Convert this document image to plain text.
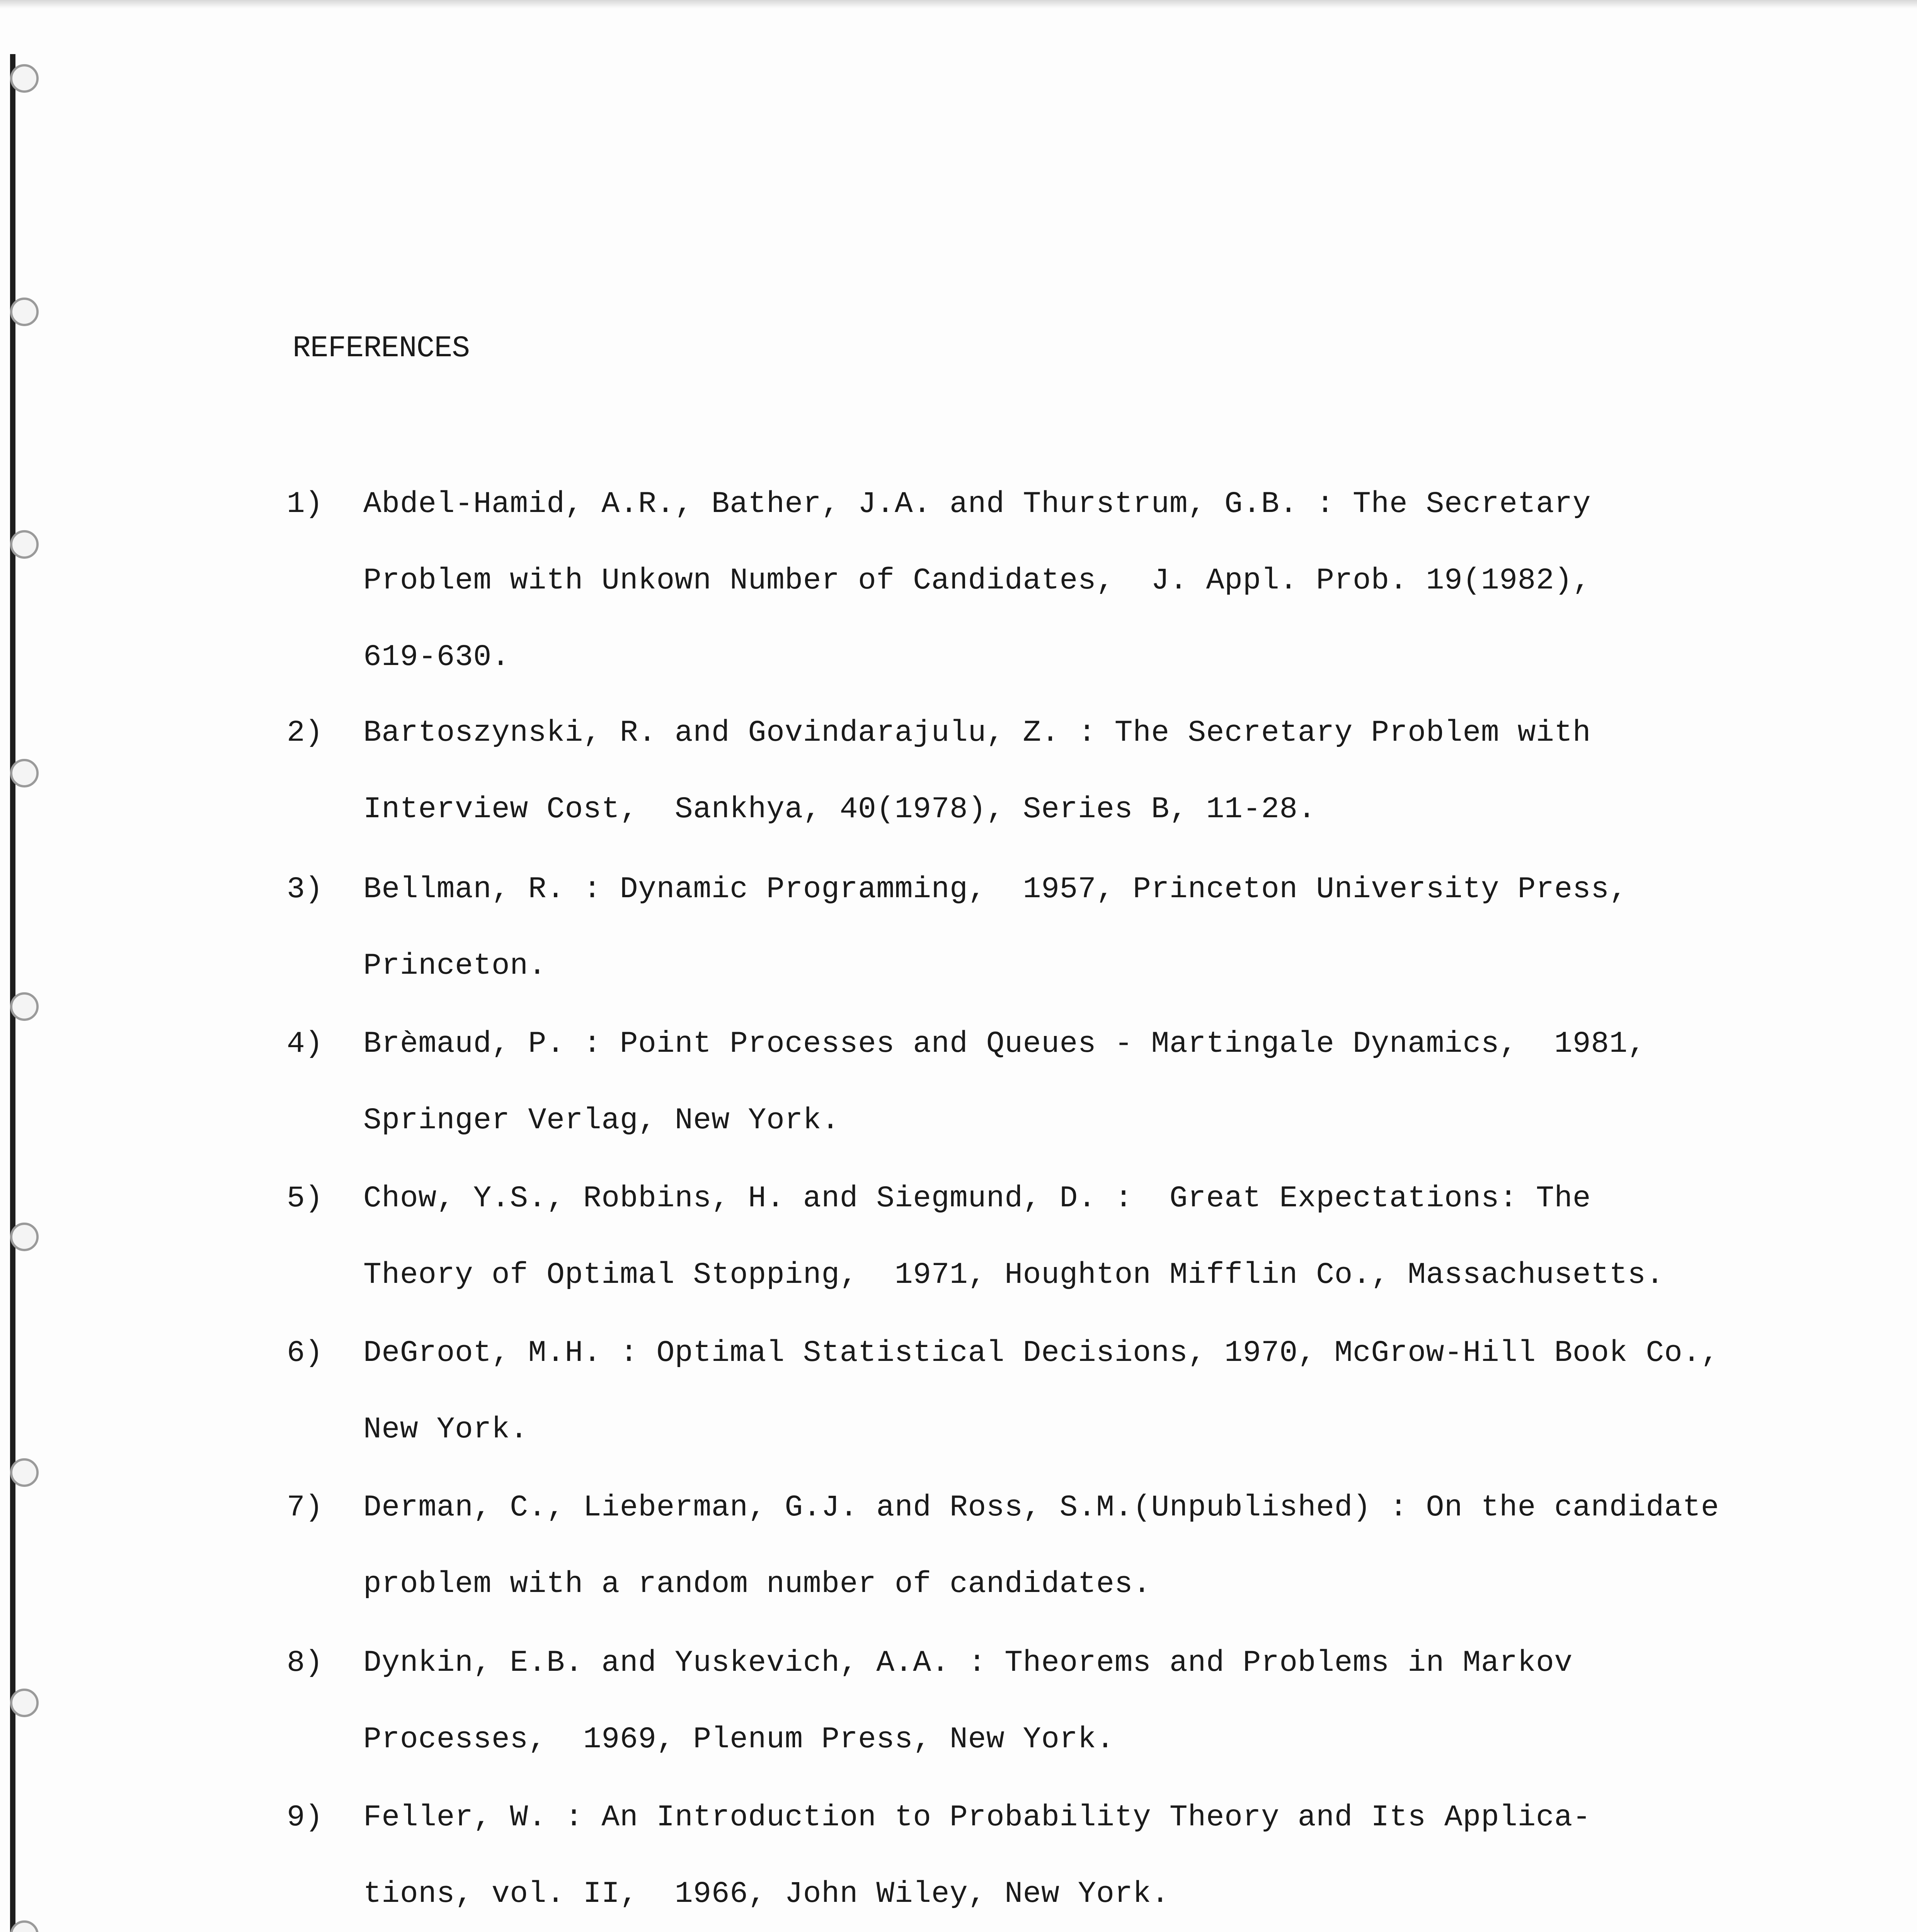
REFERENCES
1) Abdel-Hamid, A.R., Bather, J.A. and Thurstrum, G.B. : The Secretary
Problem with Unkown Number of Candidates,  J. Appl. Prob. 19(1982),
619-630.
2) Bartoszynski, R. and Govindarajulu, Z. : The Secretary Problem with
Interview Cost,  Sankhya, 40(1978), Series B, 11-28.
3) Bellman, R. : Dynamic Programming,  1957, Princeton University Press,
Princeton.
4) Brèmaud, P. : Point Processes and Queues - Martingale Dynamics,  1981,
Springer Verlag, New York.
5) Chow, Y.S., Robbins, H. and Siegmund, D. :  Great Expectations: The
Theory of Optimal Stopping,  1971, Houghton Mifflin Co., Massachusetts.
6) DeGroot, M.H. : Optimal Statistical Decisions, 1970, McGrow-Hill Book Co.,
New York.
7) Derman, C., Lieberman, G.J. and Ross, S.M.(Unpublished) : On the candidate
problem with a random number of candidates.
8) Dynkin, E.B. and Yuskevich, A.A. : Theorems and Problems in Markov
Processes,  1969, Plenum Press, New York.
9) Feller, W. : An Introduction to Probability Theory and Its Applica-
tions, vol. II,  1966, John Wiley, New York.
